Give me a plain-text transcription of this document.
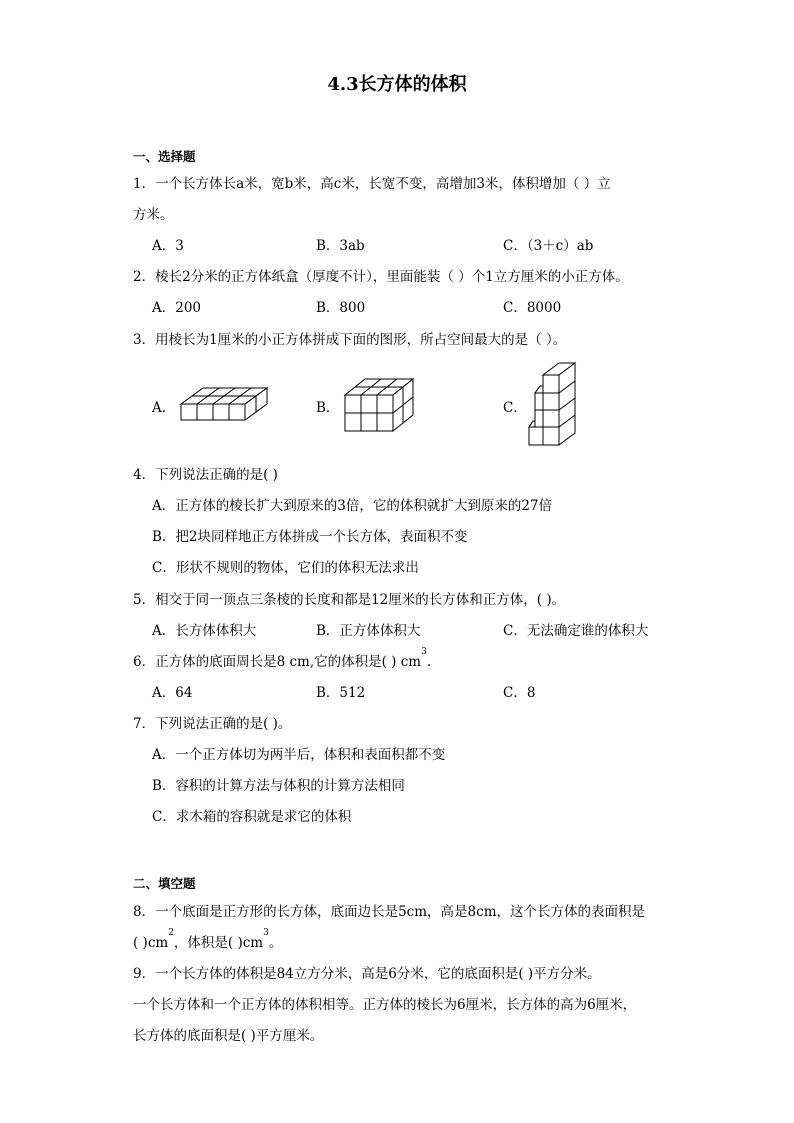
4.3长方体的体积
一、选择题
1．一个长方体长a米，宽b米，高c米，长宽不变，高增加3米，体积增加（ ）立
方米。
A．3	B．3ab	C．（3＋c）ab
2．棱长2分米的正方体纸盒（厚度不计），里面能装（ ）个1立方厘米的小正方体。
A．200	B．800	C．8000
3．用棱长为1厘米的小正方体拼成下面的图形，所占空间最大的是（ ）。
A．	B．	C．
4．下列说法正确的是( )
A．正方体的棱长扩大到原来的3倍，它的体积就扩大到原来的27倍
B．把2块同样地正方体拼成一个长方体，表面积不变
C．形状不规则的物体，它们的体积无法求出
5．相交于同一顶点三条棱的长度和都是12厘米的长方体和正方体，( )。
A．长方体体积大	B．正方体体积大	C．无法确定谁的体积大
6．正方体的底面周长是8 cm,它的体积是( ) $cm^3$.
A．64	B．512	C．8
7．下列说法正确的是( )。
A．一个正方体切为两半后，体积和表面积都不变
B．容积的计算方法与体积的计算方法相同
C．求木箱的容积就是求它的体积
二、填空题
8．一个底面是正方形的长方体，底面边长是5cm，高是8cm，这个长方体的表面积是
( )$cm^2$，体积是( )$cm^3$。
9．一个长方体的体积是84立方分米，高是6分米，它的底面积是( )平方分米。
一个长方体和一个正方体的体积相等。正方体的棱长为6厘米，长方体的高为6厘米，
长方体的底面积是( )平方厘米。
